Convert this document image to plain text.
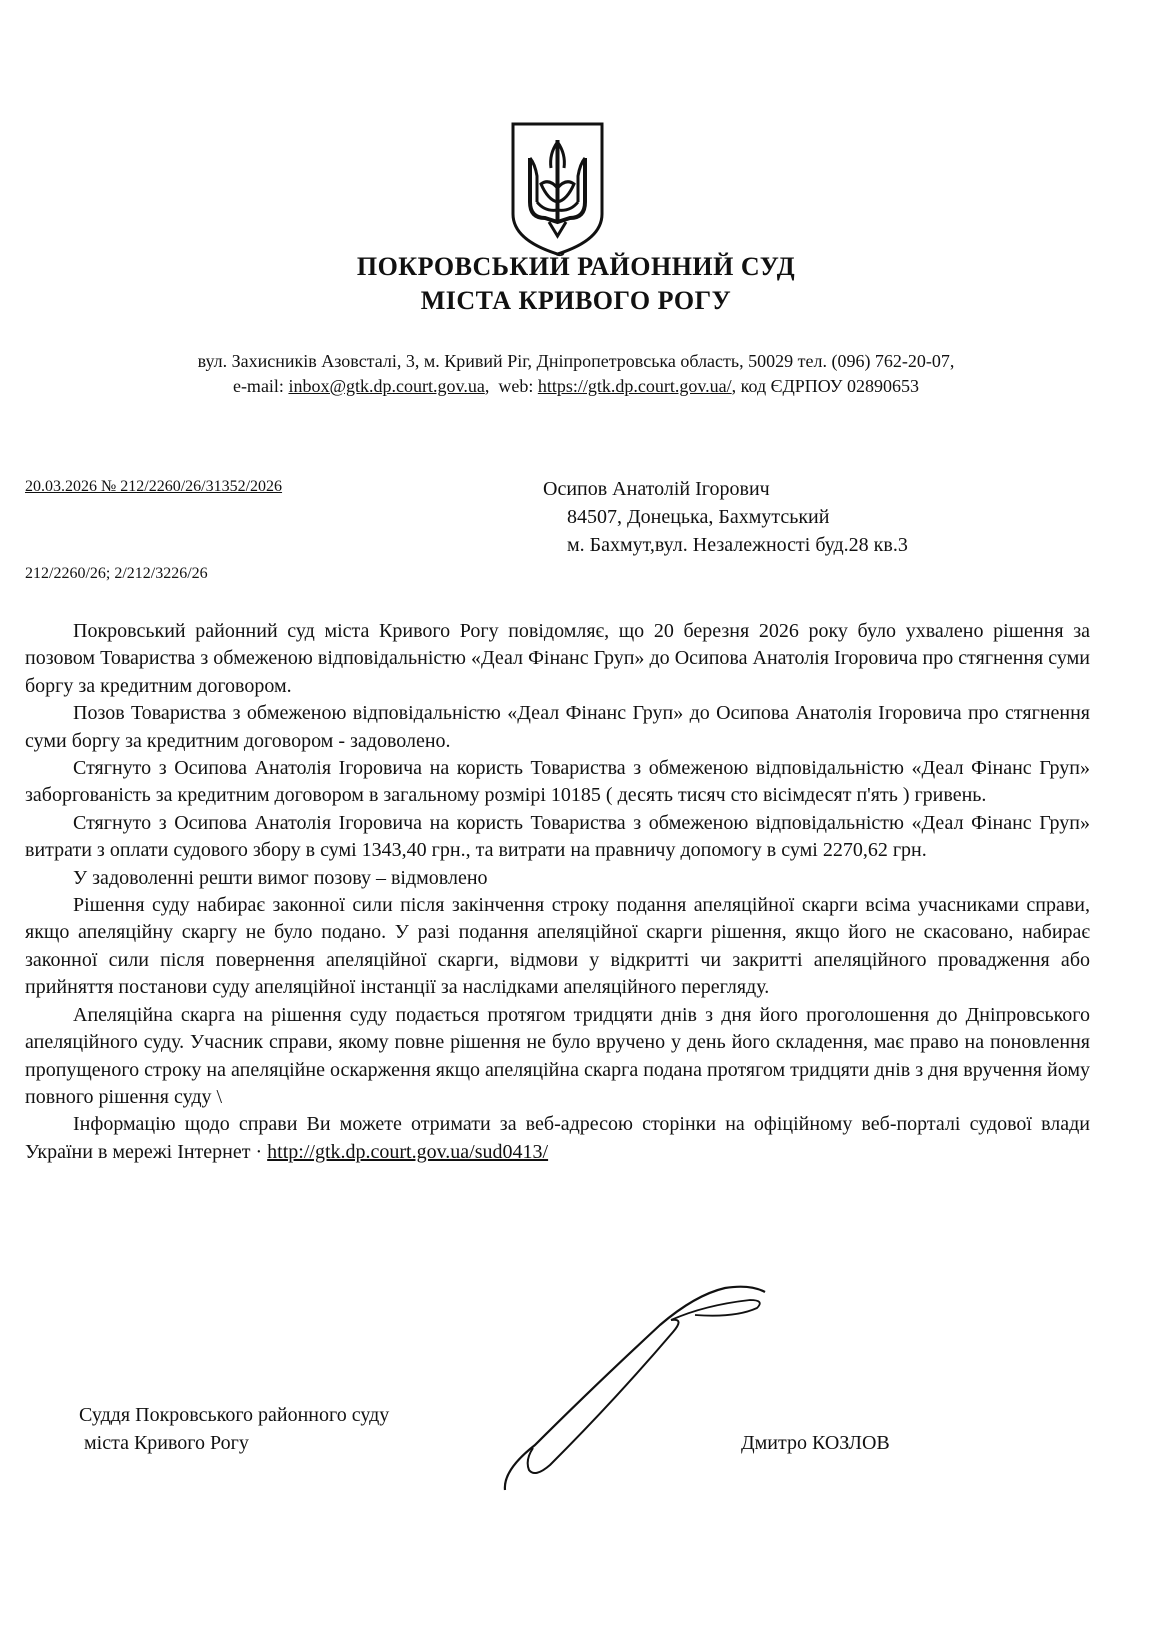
ПОКРОВСЬКИЙ РАЙОННИЙ СУД
МІСТА КРИВОГО РОГУ
вул. Захисників Азовсталі, 3, м. Кривий Ріг, Дніпропетровська область, 50029 тел. (096) 762-20-07,
e-mail: inbox@gtk.dp.court.gov.ua,  web: https://gtk.dp.court.gov.ua/, код ЄДРПОУ 02890653
20.03.2026 № 212/2260/26/31352/2026
212/2260/26; 2/212/3226/26
Осипов Анатолій Ігорович
84507, Донецька, Бахмутський
м. Бахмут,вул. Незалежності буд.28 кв.3

Покровський районний суд міста Кривого Рогу повідомляє, що 20 березня 2026 року було ухвалено рішення за позовом Товариства з обмеженою відповідальністю «Деал Фінанс Груп» до Осипова Анатолія Ігоровича про стягнення суми боргу за кредитним договором.

Позов Товариства з обмеженою відповідальністю «Деал Фінанс Груп» до Осипова Анатолія Ігоровича про стягнення суми боргу за кредитним договором - задоволено.

Стягнуто з Осипова Анатолія Ігоровича на користь Товариства з обмеженою відповідальністю «Деал Фінанс Груп» заборгованість за кредитним договором в загальному розмірі 10185 ( десять тисяч сто вісімдесят п'ять ) гривень.

Стягнуто з Осипова Анатолія Ігоровича на користь Товариства з обмеженою відповідальністю «Деал Фінанс Груп» витрати з оплати судового збору в сумі 1343,40 грн., та витрати на правничу допомогу в сумі 2270,62 грн.

У задоволенні решти вимог позову – відмовлено

Рішення суду набирає законної сили після закінчення строку подання апеляційної скарги всіма учасниками справи, якщо апеляційну скаргу не було подано. У разі подання апеляційної скарги рішення, якщо його не скасовано, набирає законної сили після повернення апеляційної скарги, відмови у відкритті чи закритті апеляційного провадження або прийняття постанови суду апеляційної інстанції за наслідками апеляційного перегляду.

Апеляційна скарга на рішення суду подається протягом тридцяти днів з дня його проголошення до Дніпровського апеляційного суду. Учасник справи, якому повне рішення не було вручено у день його складення, має право на поновлення пропущеного строку на апеляційне оскарження якщо апеляційна скарга подана протягом тридцяти днів з дня вручення йому повного рішення суду \

Інформацію щодо справи Ви можете отримати за веб-адресою сторінки на офіційному веб-порталі судової влади України в мережі Інтернет · http://gtk.dp.court.gov.ua/sud0413/

Суддя Покровського районного суду
міста Кривого Рогу	Дмитро КОЗЛОВ
